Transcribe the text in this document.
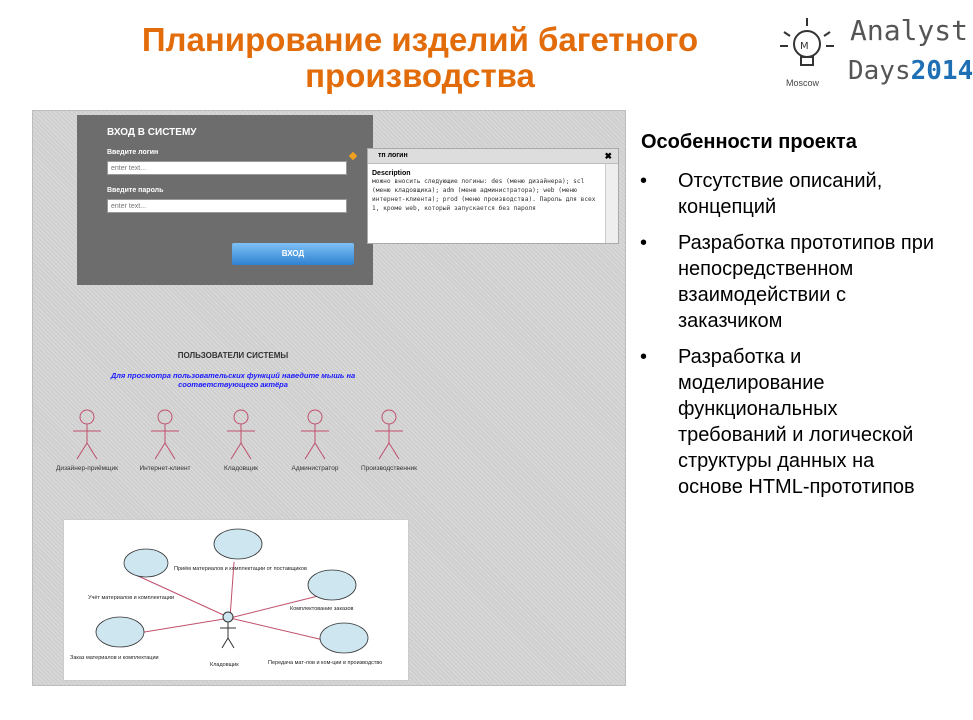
Планирование изделий багетного
производства
M Analyst
Days2014
Moscow
ВХОД В СИСТЕМУ
Введите логин
enter text...
Введите пароль
enter text...
ВХОД
тп логин	✖
Description
можно вносить следующие логины: des (меню дизайнера); scl (меню кладовщика); adm (меню администратора); web (меню интернет-клиента); prod (меню производства). Пароль для всех 1, кроме web, который запускается без пароля
ПОЛЬЗОВАТЕЛИ СИСТЕМЫ
Для просмотра пользовательских функций наведите мышь на соответствующего актёра
Дизайнер-приёмщик	Интернет-клиент	Кладовщик	Администратор	Производственник
Приём материалов и комплектации от поставщиков
Учёт материалов и комплектации
Комплектование заказов
Заказ материалов и комплектации
Кладовщик	Передача мат-лов и ком-ции в производство
Особенности проекта
• Отсутствие описаний, концепций
• Разработка прототипов при непосредственном взаимодействии с заказчиком
• Разработка и моделирование функциональных требований и логической структуры данных на основе HTML-прототипов
